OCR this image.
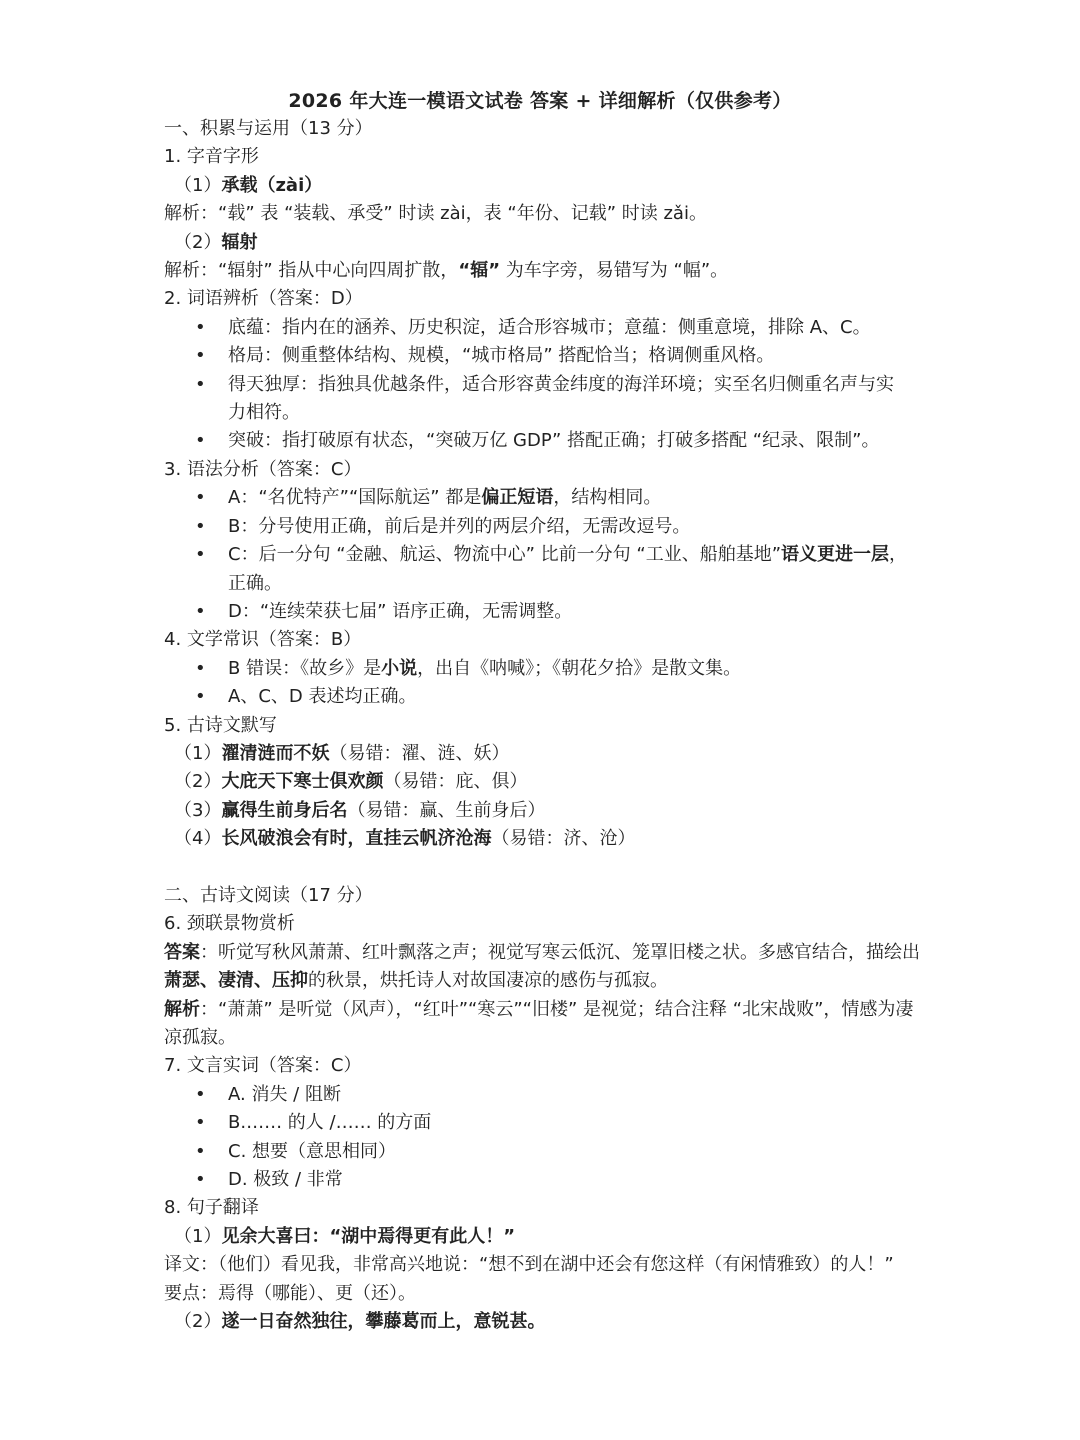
2026 年大连一模语文试卷 答案 + 详细解析（仅供参考）
一、积累与运用（13 分）
1. 字音字形
（1）承载（zài）
解析：“载” 表 “装载、承受” 时读 zài，表 “年份、记载” 时读 zǎi。
（2）辐射
解析：“辐射” 指从中心向四周扩散，“辐” 为车字旁，易错写为 “幅”。
2. 词语辨析（答案：D）
• 底蕴：指内在的涵养、历史积淀，适合形容城市；意蕴：侧重意境，排除 A、C。
• 格局：侧重整体结构、规模，“城市格局” 搭配恰当；格调侧重风格。
• 得天独厚：指独具优越条件，适合形容黄金纬度的海洋环境；实至名归侧重名声与实力相符。
• 突破：指打破原有状态，“突破万亿 GDP” 搭配正确；打破多搭配 “纪录、限制”。
3. 语法分析（答案：C）
• A：“名优特产”“国际航运” 都是偏正短语，结构相同。
• B：分号使用正确，前后是并列的两层介绍，无需改逗号。
• C：后一分句 “金融、航运、物流中心” 比前一分句 “工业、船舶基地”语义更进一层，正确。
• D：“连续荣获七届” 语序正确，无需调整。
4. 文学常识（答案：B）
• B 错误：《故乡》是小说，出自《呐喊》；《朝花夕拾》是散文集。
• A、C、D 表述均正确。
5. 古诗文默写
（1）濯清涟而不妖（易错：濯、涟、妖）
（2）大庇天下寒士俱欢颜（易错：庇、俱）
（3）赢得生前身后名（易错：赢、生前身后）
（4）长风破浪会有时，直挂云帆济沧海（易错：济、沧）
二、古诗文阅读（17 分）
6. 颈联景物赏析
答案：听觉写秋风萧萧、红叶飘落之声；视觉写寒云低沉、笼罩旧楼之状。多感官结合，描绘出萧瑟、凄清、压抑的秋景，烘托诗人对故国凄凉的感伤与孤寂。
解析：“萧萧” 是听觉（风声），“红叶”“寒云”“旧楼” 是视觉；结合注释 “北宋战败”，情感为凄凉孤寂。
7. 文言实词（答案：C）
• A. 消失 / 阻断
• B.…… 的人 /…… 的方面
• C. 想要（意思相同）
• D. 极致 / 非常
8. 句子翻译
（1）见余大喜曰：“湖中焉得更有此人！”
译文：（他们）看见我，非常高兴地说：“想不到在湖中还会有您这样（有闲情雅致）的人！”
要点：焉得（哪能）、更（还）。
（2）遂一日奋然独往，攀藤葛而上，意锐甚。
